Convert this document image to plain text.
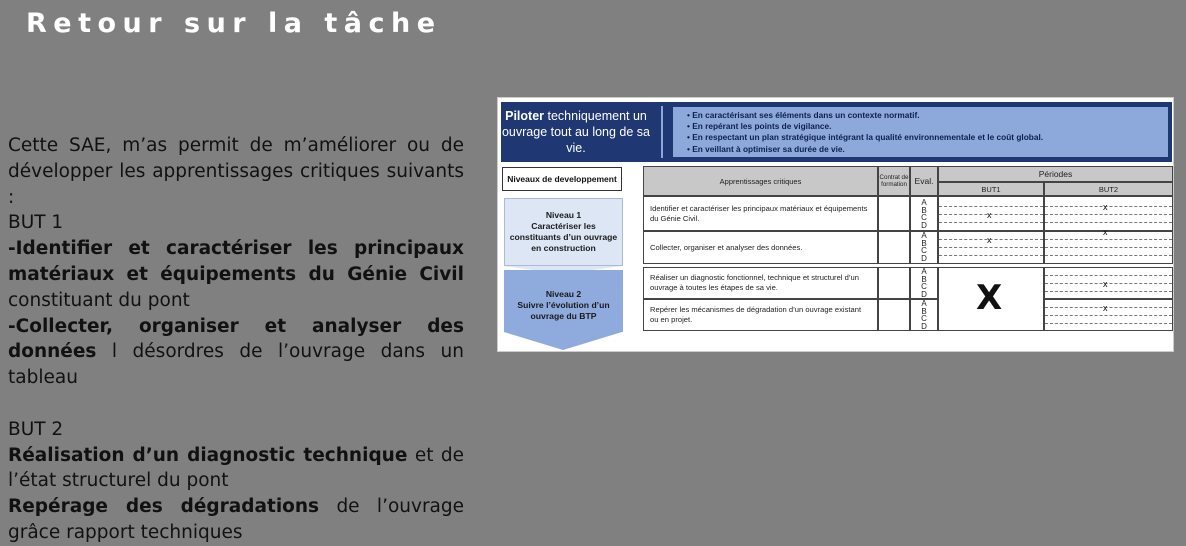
Retour sur la tâche

Cette SAE, m’as permit de m’améliorer ou de développer les apprentissages critiques suivants :

BUT 1

-Identifier et caractériser les principaux matériaux et équipements du Génie Civil constituant du pont

-Collecter, organiser et analyser des données l désordres de l’ouvrage dans un tableau

BUT 2

Réalisation d’un diagnostic technique et de l’état structurel du pont

Repérage des dégradations de l’ouvrage grâce rapport techniques

Piloter techniquement un ouvrage tout au long de sa vie.
• En caractérisant ses éléments dans un contexte normatif.
• En repérant les points de vigilance.
• En respectant un plan stratégique intégrant la qualité environnementale et le coût global.
• En veillant à optimiser sa durée de vie.
Niveaux de developpement
Niveau 1
Caractériser les constituants d’un ouvrage en construction
Niveau 2
Suivre l’évolution d’un ouvrage du BTP
Apprentissages critiques	Contrat de formation Eval.
Périodes
BUT1	BUT2
Identifier et caractériser les principaux matériaux et équipements du Génie Civil.
Collecter, organiser et analyser des données.
Réaliser un diagnostic fonctionnel, technique et structurel d’un ouvrage à toutes les étapes de sa vie.
Repérer les mécanismes de dégradation d’un ouvrage existant ou en projet.
A
B
C
D
A
B
C
D
A
B
C
D
A
B
C
D
x
x
x
x
x
x
X
